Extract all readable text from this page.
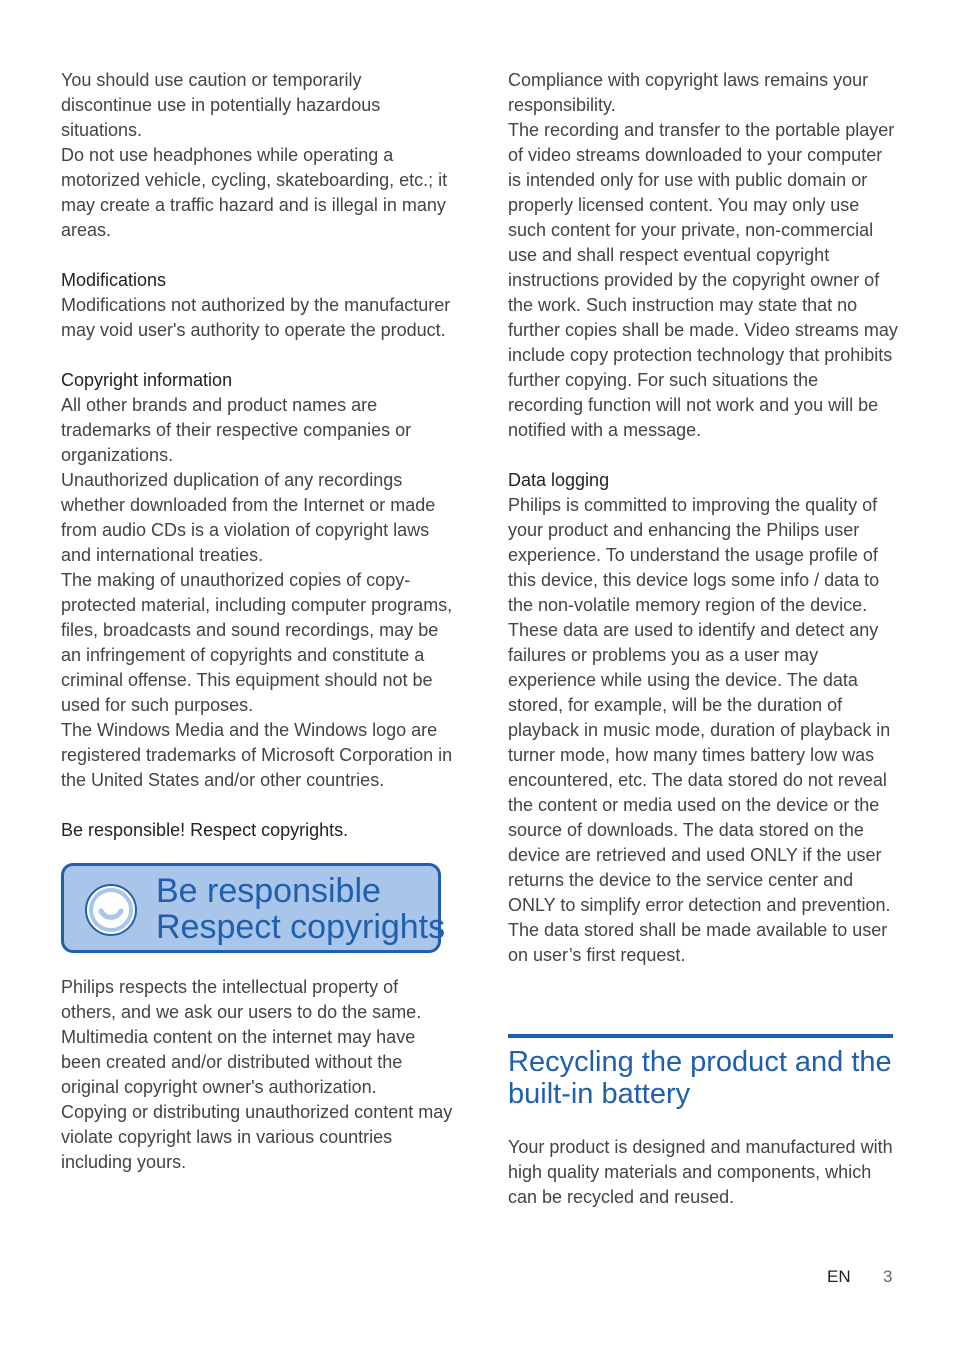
You should use caution or temporarily discontinue use in potentially hazardous situations.

Do not use headphones while operating a motorized vehicle, cycling, skateboarding, etc.; it may create a traffic hazard and is illegal in many areas.

Modifications

Modifications not authorized by the manufacturer may void user's authority to operate the product.

Copyright information

All other brands and product names are trademarks of their respective companies or organizations.

Unauthorized duplication of any recordings whether downloaded from the Internet or made from audio CDs is a violation of copyright laws and international treaties.

The making of unauthorized copies of copy-protected material, including computer programs, files, broadcasts and sound recordings, may be an infringement of copyrights and constitute a criminal offense. This equipment should not be used for such purposes.

The Windows Media and the Windows logo are registered trademarks of Microsoft Corporation in the United States and/or other countries.

Be responsible! Respect copyrights.
Be responsible
Respect copyrights

Philips respects the intellectual property of others, and we ask our users to do the same. Multimedia content on the internet may have been created and/or distributed without the original copyright owner's authorization.

Copying or distributing unauthorized content may violate copyright laws in various countries including yours.

Compliance with copyright laws remains your responsibility.

The recording and transfer to the portable player of video streams downloaded to your computer is intended only for use with public domain or properly licensed content. You may only use such content for your private, non-commercial use and shall respect eventual copyright instructions provided by the copyright owner of the work. Such instruction may state that no further copies shall be made. Video streams may include copy protection technology that prohibits further copying. For such situations the recording function will not work and you will be notified with a message.

Data logging

Philips is committed to improving the quality of your product and enhancing the Philips user experience. To understand the usage profile of this device, this device logs some info / data to the non-volatile memory region of the device. These data are used to identify and detect any failures or problems you as a user may experience while using the device. The data stored, for example, will be the duration of playback in music mode, duration of playback in turner mode, how many times battery low was encountered, etc. The data stored do not reveal the content or media used on the device or the source of downloads. The data stored on the device are retrieved and used ONLY if the user returns the device to the service center and ONLY to simplify error detection and prevention. The data stored shall be made available to user on user’s first request.

Recycling the product and the built-in battery

Your product is designed and manufactured with high quality materials and components, which can be recycled and reused.

EN 3
